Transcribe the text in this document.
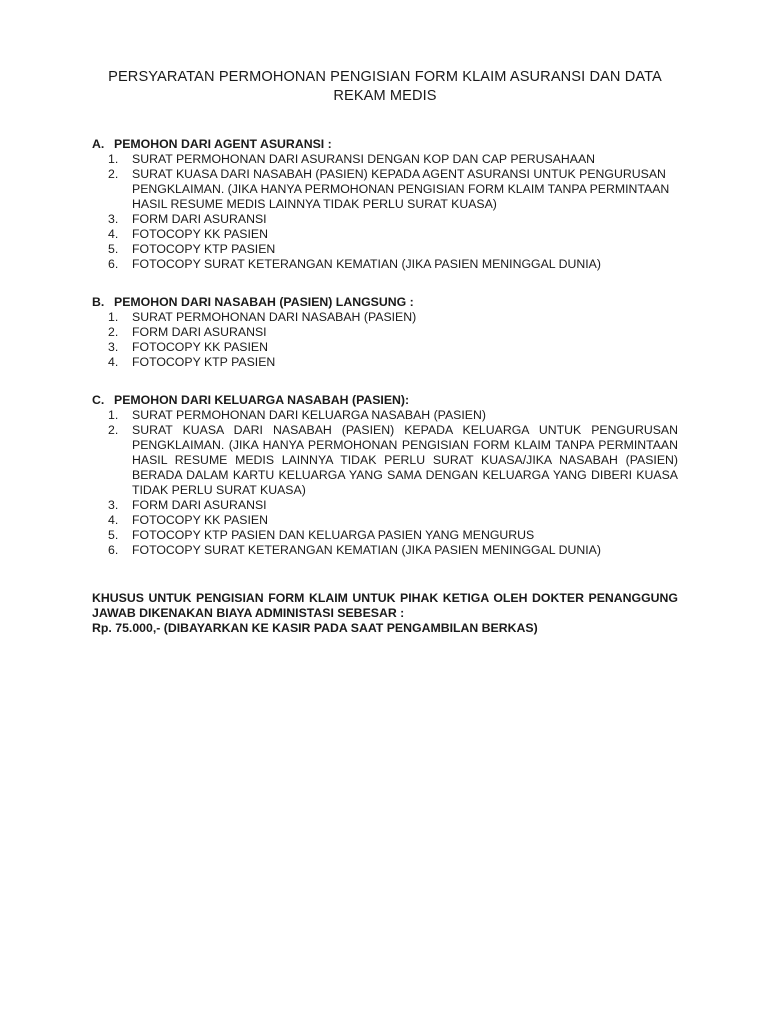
PERSYARATAN PERMOHONAN PENGISIAN FORM KLAIM ASURANSI DAN DATA REKAM MEDIS
A. PEMOHON DARI AGENT ASURANSI :
1.	SURAT PERMOHONAN DARI ASURANSI DENGAN KOP DAN CAP PERUSAHAAN
2.	SURAT KUASA DARI NASABAH (PASIEN) KEPADA AGENT ASURANSI UNTUK PENGURUSAN PENGKLAIMAN. (JIKA HANYA PERMOHONAN PENGISIAN FORM KLAIM TANPA PERMINTAAN HASIL RESUME MEDIS LAINNYA TIDAK PERLU SURAT KUASA)
3.	FORM DARI ASURANSI
4.	FOTOCOPY KK PASIEN
5.	FOTOCOPY KTP PASIEN
6.	FOTOCOPY SURAT KETERANGAN KEMATIAN (JIKA PASIEN MENINGGAL DUNIA)
B. PEMOHON DARI NASABAH (PASIEN) LANGSUNG :
1.	SURAT PERMOHONAN DARI NASABAH (PASIEN)
2.	FORM DARI ASURANSI
3.	FOTOCOPY KK PASIEN
4.	FOTOCOPY KTP PASIEN
C. PEMOHON DARI KELUARGA NASABAH (PASIEN):
1.	SURAT PERMOHONAN DARI KELUARGA NASABAH (PASIEN)
2.	SURAT KUASA DARI NASABAH (PASIEN) KEPADA KELUARGA UNTUK PENGURUSAN PENGKLAIMAN. (JIKA HANYA PERMOHONAN PENGISIAN FORM KLAIM TANPA PERMINTAAN HASIL RESUME MEDIS LAINNYA TIDAK PERLU SURAT KUASA/JIKA NASABAH (PASIEN) BERADA DALAM KARTU KELUARGA YANG SAMA DENGAN KELUARGA YANG DIBERI KUASA TIDAK PERLU SURAT KUASA)
3.	FORM DARI ASURANSI
4.	FOTOCOPY KK PASIEN
5.	FOTOCOPY KTP PASIEN DAN KELUARGA PASIEN YANG MENGURUS
6.	FOTOCOPY SURAT KETERANGAN KEMATIAN (JIKA PASIEN MENINGGAL DUNIA)

KHUSUS UNTUK PENGISIAN FORM KLAIM UNTUK PIHAK KETIGA OLEH DOKTER PENANGGUNG JAWAB DIKENAKAN BIAYA ADMINISTASI SEBESAR :

Rp. 75.000,- (DIBAYARKAN KE KASIR PADA SAAT PENGAMBILAN BERKAS)
